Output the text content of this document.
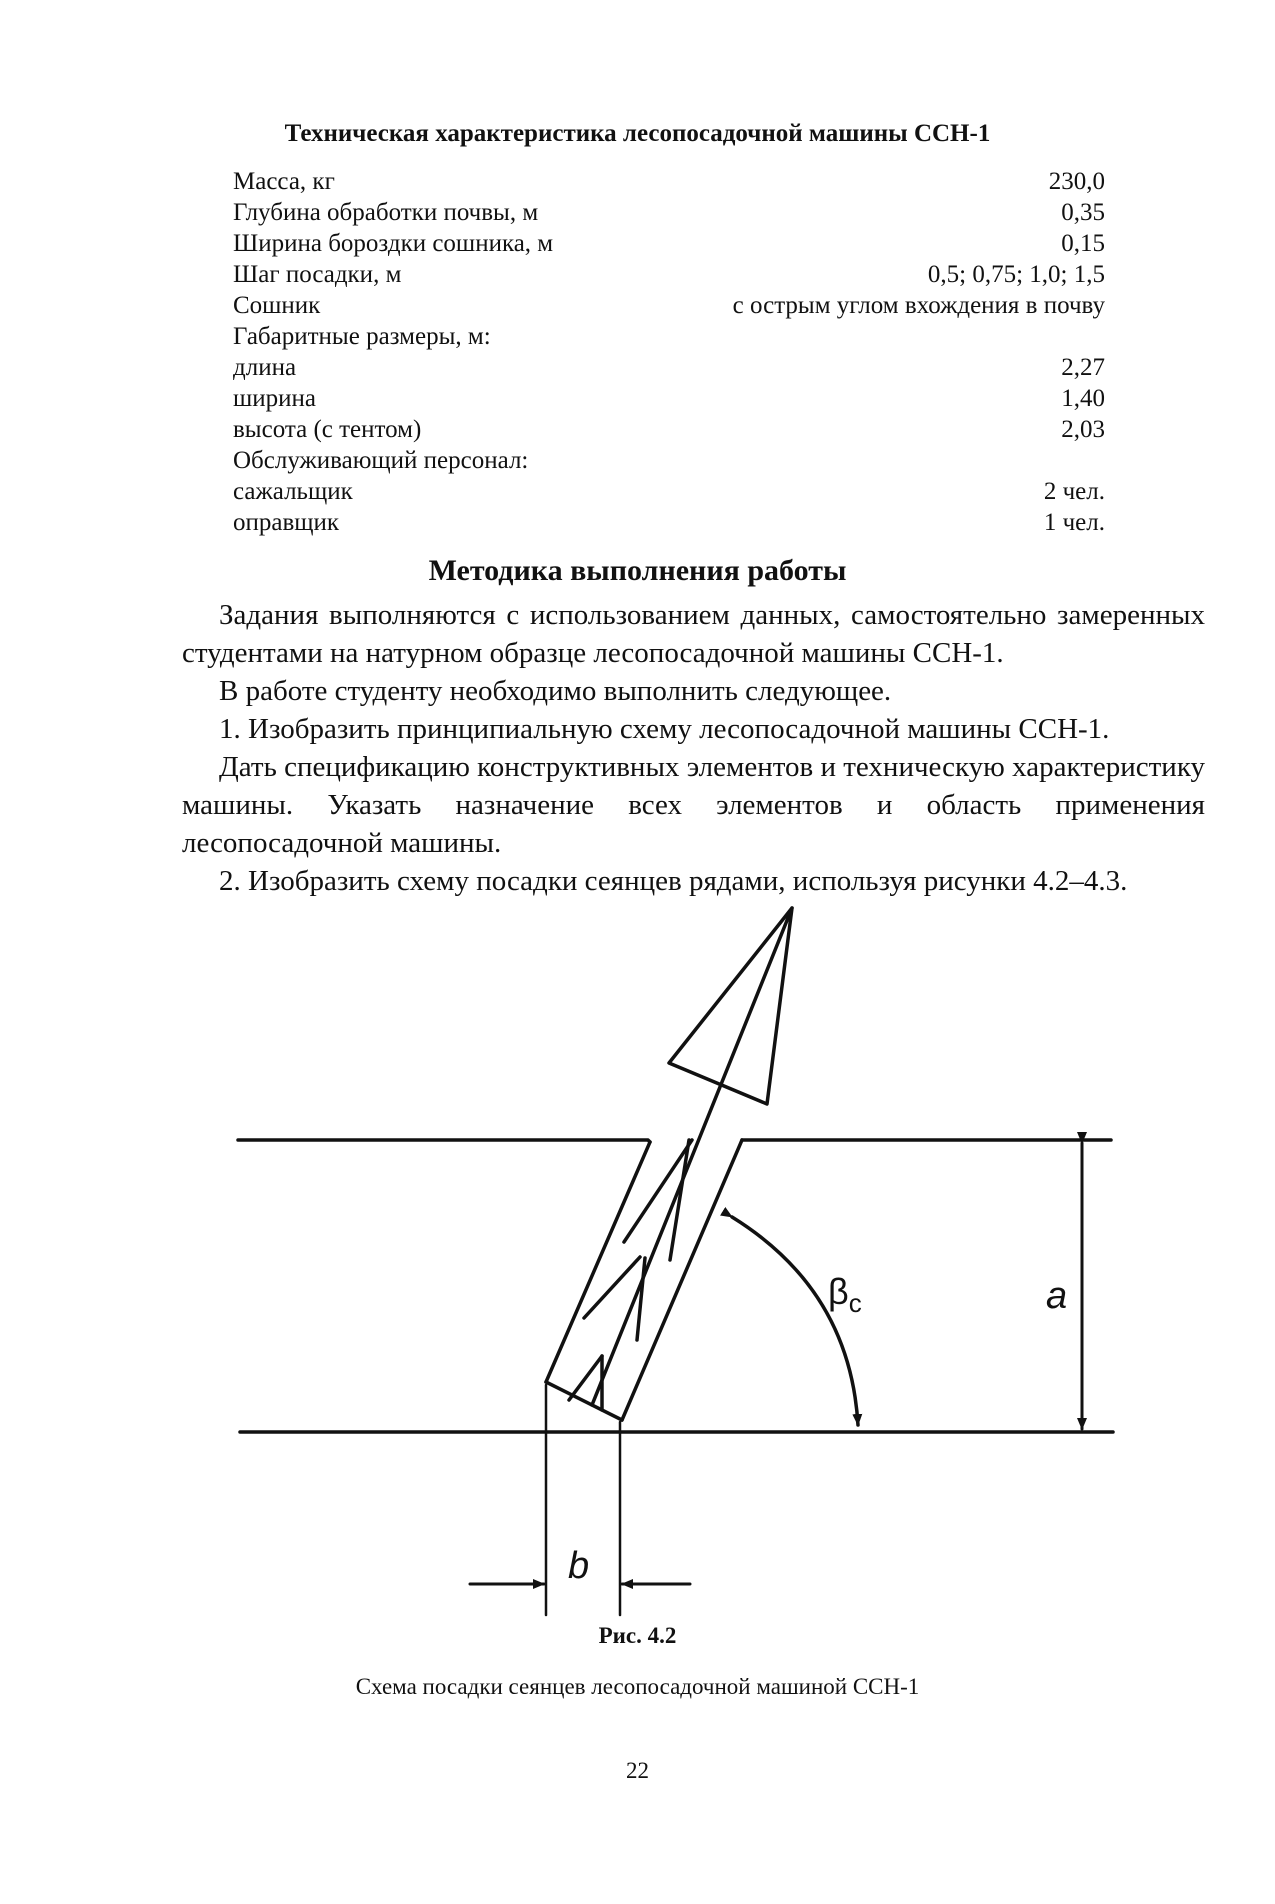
Техническая характеристика лесопосадочной машины ССН-1
Масса, кг	230,0
Глубина обработки почвы, м	0,35
Ширина бороздки сошника, м	0,15
Шаг посадки, м	0,5; 0,75; 1,0; 1,5
Сошник	с острым углом вхождения в почву
Габаритные размеры, м:
длина	2,27
ширина	1,40
высота (с тентом)	2,03
Обслуживающий персонал:
сажальщик	2 чел.
оправщик	1 чел.
Методика выполнения работы

Задания выполняются с использованием данных, самостоятельно замеренных студентами на натурном образце лесопосадочной машины ССН-1.

В работе студенту необходимо выполнить следующее.

1. Изобразить принципиальную схему лесопосадочной машины ССН-1.

Дать спецификацию конструктивных элементов и техническую характеристику машины. Указать назначение всех элементов и область применения лесопосадочной машины.

2. Изобразить схему посадки сеянцев рядами, используя рисунки 4.2–4.3.

$\beta_c$	a
b
Рис. 4.2
Схема посадки сеянцев лесопосадочной машиной ССН-1
22
